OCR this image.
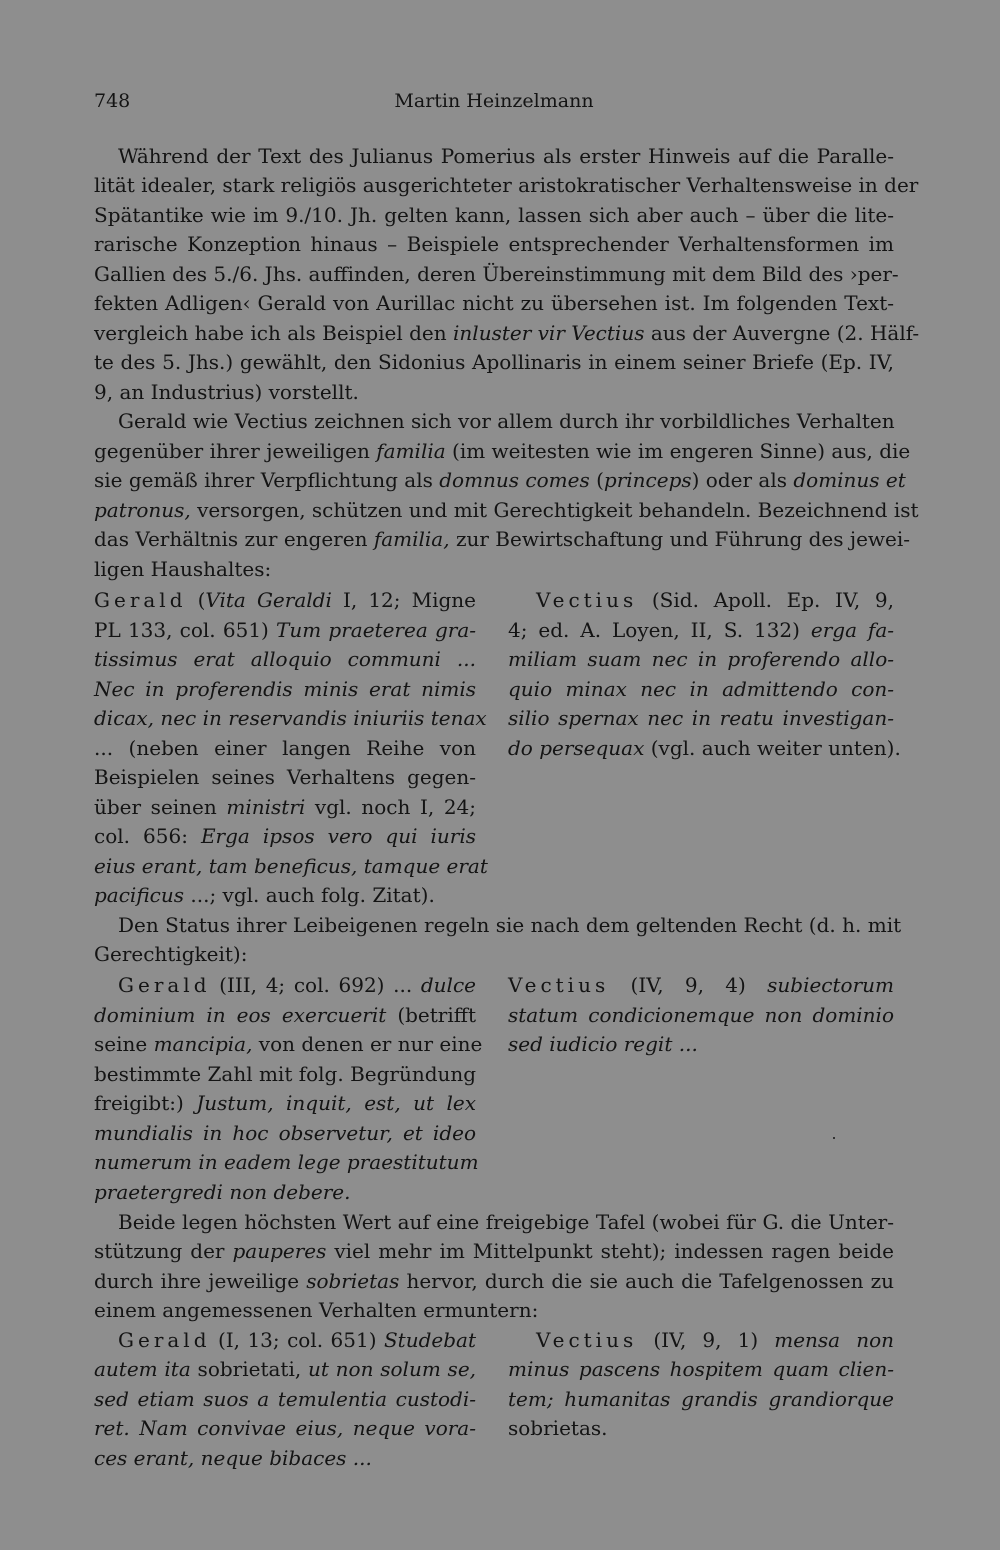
748	Martin Heinzelmann
Während der Text des Julianus Pomerius als erster Hinweis auf die Paralle-
lität idealer, stark religiös ausgerichteter aristokratischer Verhaltensweise in der
Spätantike wie im 9./10. Jh. gelten kann, lassen sich aber auch – über die lite-
rarische Konzeption hinaus – Beispiele entsprechender Verhaltensformen im
Gallien des 5./6. Jhs. auffinden, deren Übereinstimmung mit dem Bild des ›per-
fekten Adligen‹ Gerald von Aurillac nicht zu übersehen ist. Im folgenden Text-
vergleich habe ich als Beispiel den inluster vir Vectius aus der Auvergne (2. Hälf-
te des 5. Jhs.) gewählt, den Sidonius Apollinaris in einem seiner Briefe (Ep. IV,
9, an Industrius) vorstellt.
Gerald wie Vectius zeichnen sich vor allem durch ihr vorbildliches Verhalten
gegenüber ihrer jeweiligen familia (im weitesten wie im engeren Sinne) aus, die
sie gemäß ihrer Verpflichtung als domnus comes (princeps) oder als dominus et
patronus, versorgen, schützen und mit Gerechtigkeit behandeln. Bezeichnend ist
das Verhältnis zur engeren familia, zur Bewirtschaftung und Führung des jewei-
ligen Haushaltes:
Gerald (Vita Geraldi I, 12; Migne
PL 133, col. 651) Tum praeterea gra-
tissimus erat alloquio communi ...
Nec in proferendis minis erat nimis
dicax, nec in reservandis iniuriis tenax
... (neben einer langen Reihe von
Beispielen seines Verhaltens gegen-
über seinen ministri vgl. noch I, 24;
col. 656: Erga ipsos vero qui iuris
eius erant, tam beneficus, tamque erat
pacificus ...; vgl. auch folg. Zitat).
Vectius (Sid. Apoll. Ep. IV, 9,
4; ed. A. Loyen, II, S. 132) erga fa-
miliam suam nec in proferendo allo-
quio minax nec in admittendo con-
silio spernax nec in reatu investigan-
do persequax (vgl. auch weiter unten).
Den Status ihrer Leibeigenen regeln sie nach dem geltenden Recht (d. h. mit
Gerechtigkeit):
Gerald (III, 4; col. 692) ... dulce
dominium in eos exercuerit (betrifft
seine mancipia, von denen er nur eine
bestimmte Zahl mit folg. Begründung
freigibt:) Justum, inquit, est, ut lex
mundialis in hoc observetur, et ideo
numerum in eadem lege praestitutum
praetergredi non debere.
Vectius (IV, 9, 4) subiectorum
statum condicionemque non dominio
sed iudicio regit ...
Beide legen höchsten Wert auf eine freigebige Tafel (wobei für G. die Unter-
stützung der pauperes viel mehr im Mittelpunkt steht); indessen ragen beide
durch ihre jeweilige sobrietas hervor, durch die sie auch die Tafelgenossen zu
einem angemessenen Verhalten ermuntern:
Gerald (I, 13; col. 651) Studebat
autem ita sobrietati, ut non solum se,
sed etiam suos a temulentia custodi-
ret. Nam convivae eius, neque vora-
ces erant, neque bibaces ...
Vectius (IV, 9, 1) mensa non
minus pascens hospitem quam clien-
tem; humanitas grandis grandiorque
sobrietas.
